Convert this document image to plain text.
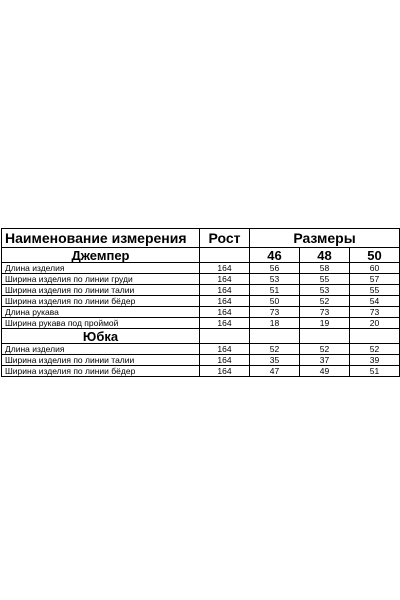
Наименование измерения	Рост	Размеры		
Джемпер		46	48	50
Длина изделия	164	56	58	60
Ширина изделия по линии груди	164	53	55	57
Ширина изделия по линии талии	164	51	53	55
Ширина изделия по линии бёдер	164	50	52	54
Длина рукава	164	73	73	73
Ширина рукава под проймой	164	18	19	20
Юбка				
Длина изделия	164	52	52	52
Ширина изделия по линии талии	164	35	37	39
Ширина изделия по линии бёдер	164	47	49	51
